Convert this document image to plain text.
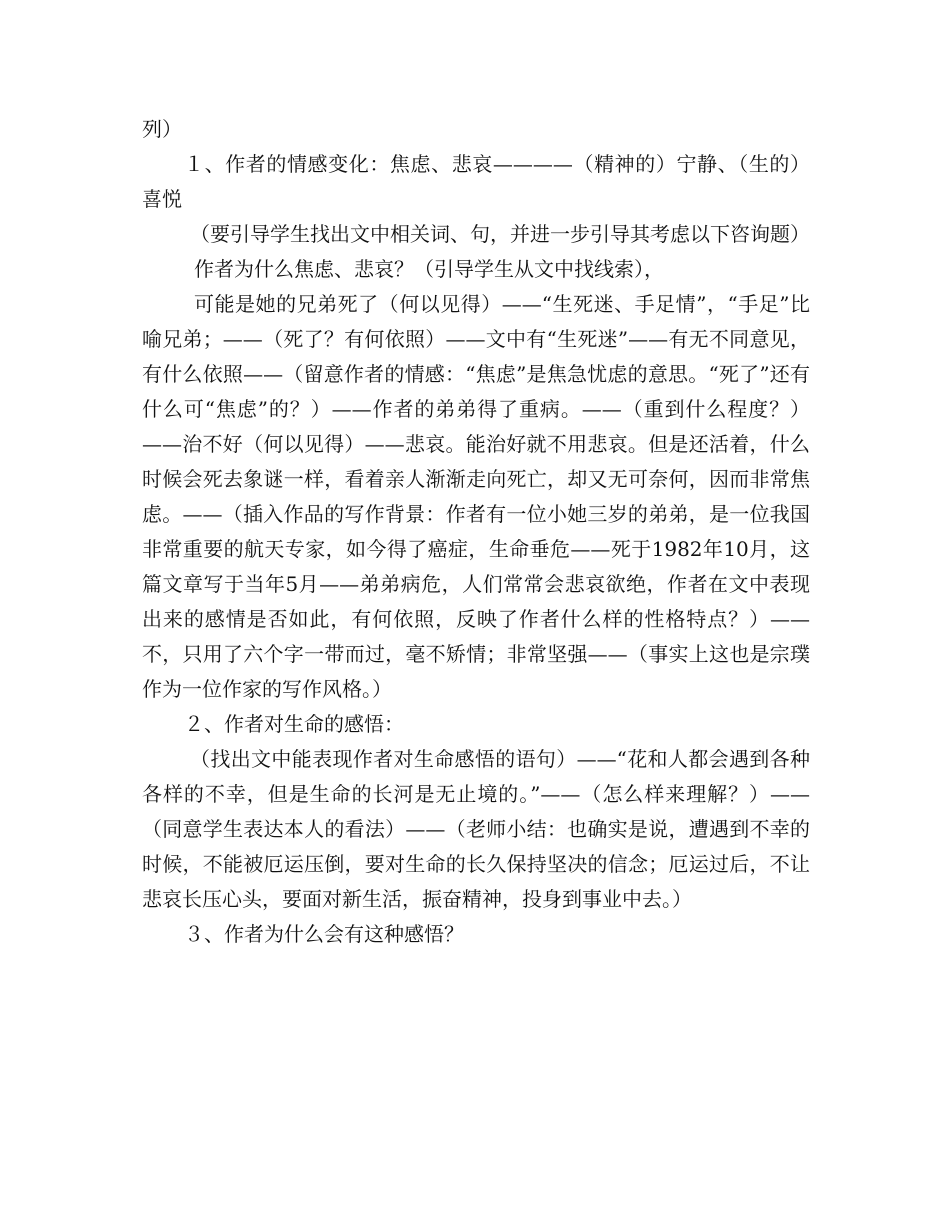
列）

１、作者的情感变化：焦虑、悲哀————（精神的）宁静、（生的）喜悦

（要引导学生找出文中相关词、句，并进一步引导其考虑以下咨询题）

作者为什么焦虑、悲哀？（引导学生从文中找线索），

可能是她的兄弟死了（何以见得）——“生死迷、手足情”，“手足”比喻兄弟；——（死了？有何依照）——文中有“生死迷”——有无不同意见，有什么依照——（留意作者的情感：“焦虑”是焦急忧虑的意思。“死了”还有什么可“焦虑”的？）——作者的弟弟得了重病。——（重到什么程度？）——治不好（何以见得）——悲哀。能治好就不用悲哀。但是还活着，什么时候会死去象谜一样，看着亲人渐渐走向死亡，却又无可奈何，因而非常焦虑。——（插入作品的写作背景：作者有一位小她三岁的弟弟，是一位我国非常重要的航天专家，如今得了癌症，生命垂危——死于1982年10月，这篇文章写于当年5月——弟弟病危，人们常常会悲哀欲绝，作者在文中表现出来的感情是否如此，有何依照，反映了作者什么样的性格特点？）——不，只用了六个字一带而过，毫不矫情；非常坚强——（事实上这也是宗璞作为一位作家的写作风格。）

２、作者对生命的感悟：

（找出文中能表现作者对生命感悟的语句）——“花和人都会遇到各种各样的不幸，但是生命的长河是无止境的。”——（怎么样来理解？）——（同意学生表达本人的看法）——（老师小结：也确实是说，遭遇到不幸的时候，不能被厄运压倒，要对生命的长久保持坚决的信念；厄运过后，不让悲哀长压心头，要面对新生活，振奋精神，投身到事业中去。）

３、作者为什么会有这种感悟？
